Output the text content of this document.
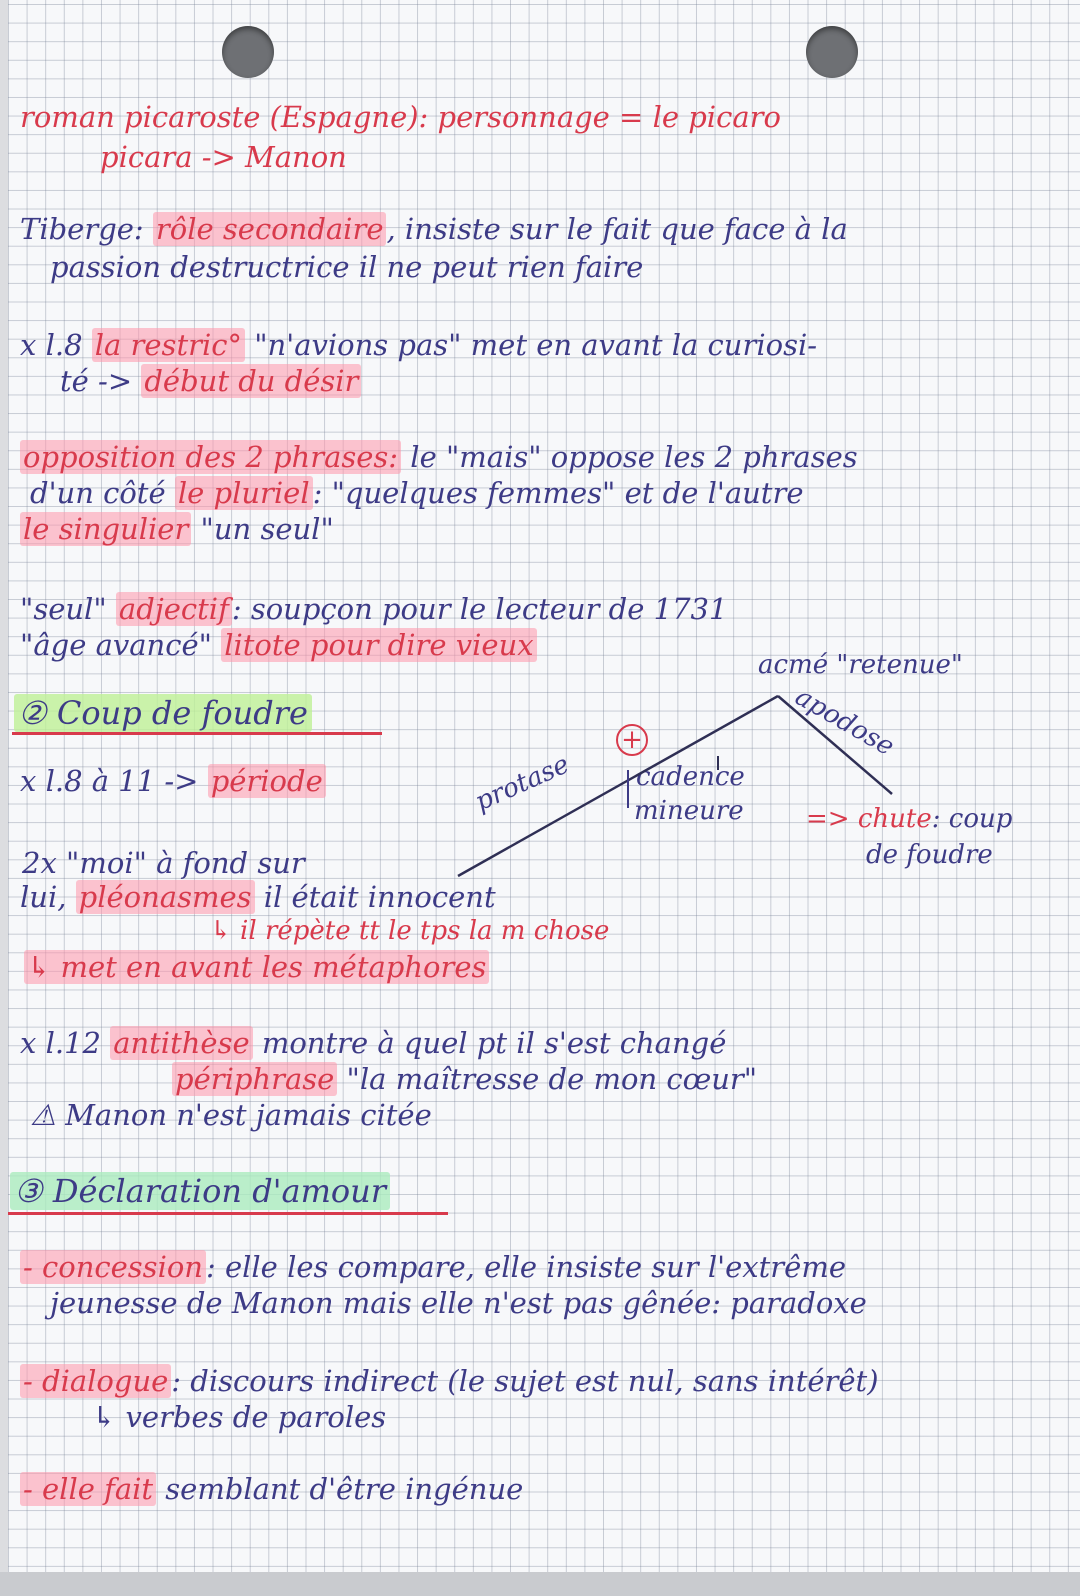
roman picaroste (Espagne): personnage = le picaro
picara -> Manon
Tiberge: rôle secondaire , insiste sur le fait que face à la
passion destructrice il ne peut rien faire
x l.8 la restric° "n'avions pas" met en avant la curiosi-
té -> début du désir
opposition des 2 phrases: le "mais" oppose les 2 phrases
d'un côté le pluriel : "quelques femmes" et de l'autre
le singulier "un seul"
"seul" adjectif : soupçon pour le lecteur de 1731
"âge avancé" litote pour dire vieux
acmé "retenue"
apodose
② Coup de foudre
+
x l.8 à 11 -> période	protase cadence
mineure => chute: coup
de foudre
2x "moi" à fond sur
lui, pléonasmes il était innocent
↳ il répète tt le tps la m chose
↳ met en avant les métaphores
x l.12 antithèse montre à quel pt il s'est changé
périphrase "la maîtresse de mon cœur"
⚠ Manon n'est jamais citée
③ Déclaration d'amour
- concession : elle les compare, elle insiste sur l'extrême
jeunesse de Manon mais elle n'est pas gênée: paradoxe
- dialogue : discours indirect (le sujet est nul, sans intérêt)
↳ verbes de paroles
- elle fait semblant d'être ingénue
